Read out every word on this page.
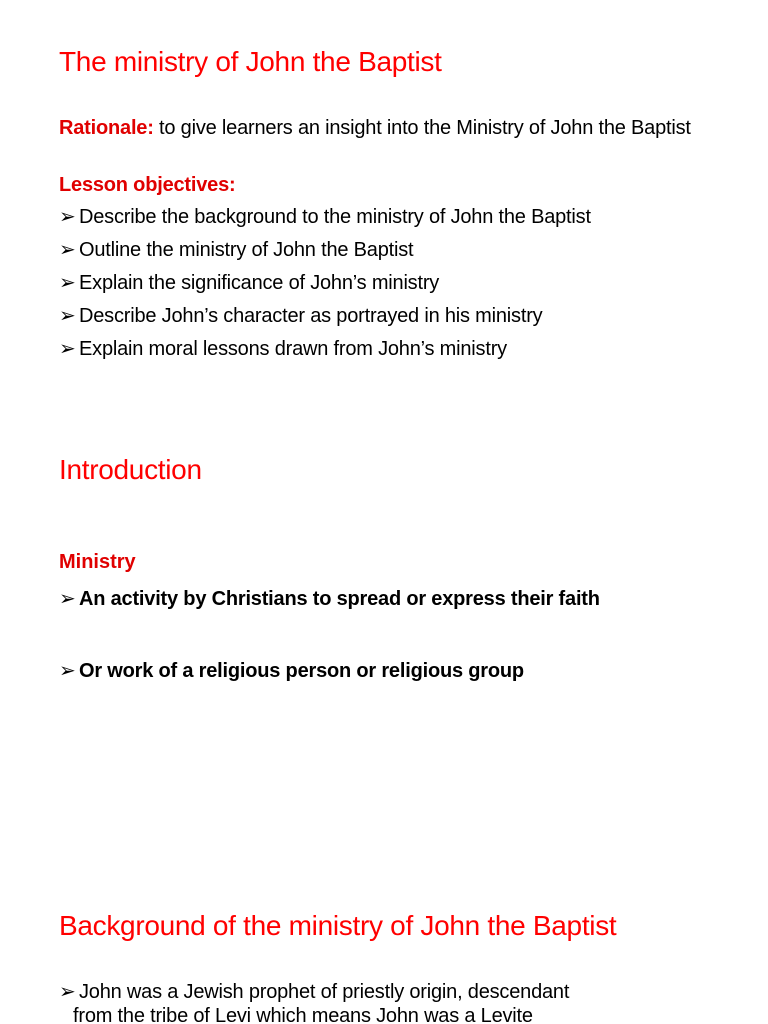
The ministry of John the Baptist
Rationale: to give learners an insight into the Ministry of John the Baptist
Lesson objectives:
➢ Describe the background to the ministry of John the Baptist
➢ Outline the ministry of John the Baptist
➢ Explain the significance of John’s ministry
➢ Describe John’s character as portrayed in his ministry
➢ Explain moral lessons drawn from John’s ministry
Introduction
Ministry
➢ An activity by Christians to spread or express their faith
➢ Or work of a religious person or religious group
Background of the ministry of John the Baptist
➢ John was a Jewish prophet of priestly origin, descendant
from the tribe of Levi which means John was a Levite
